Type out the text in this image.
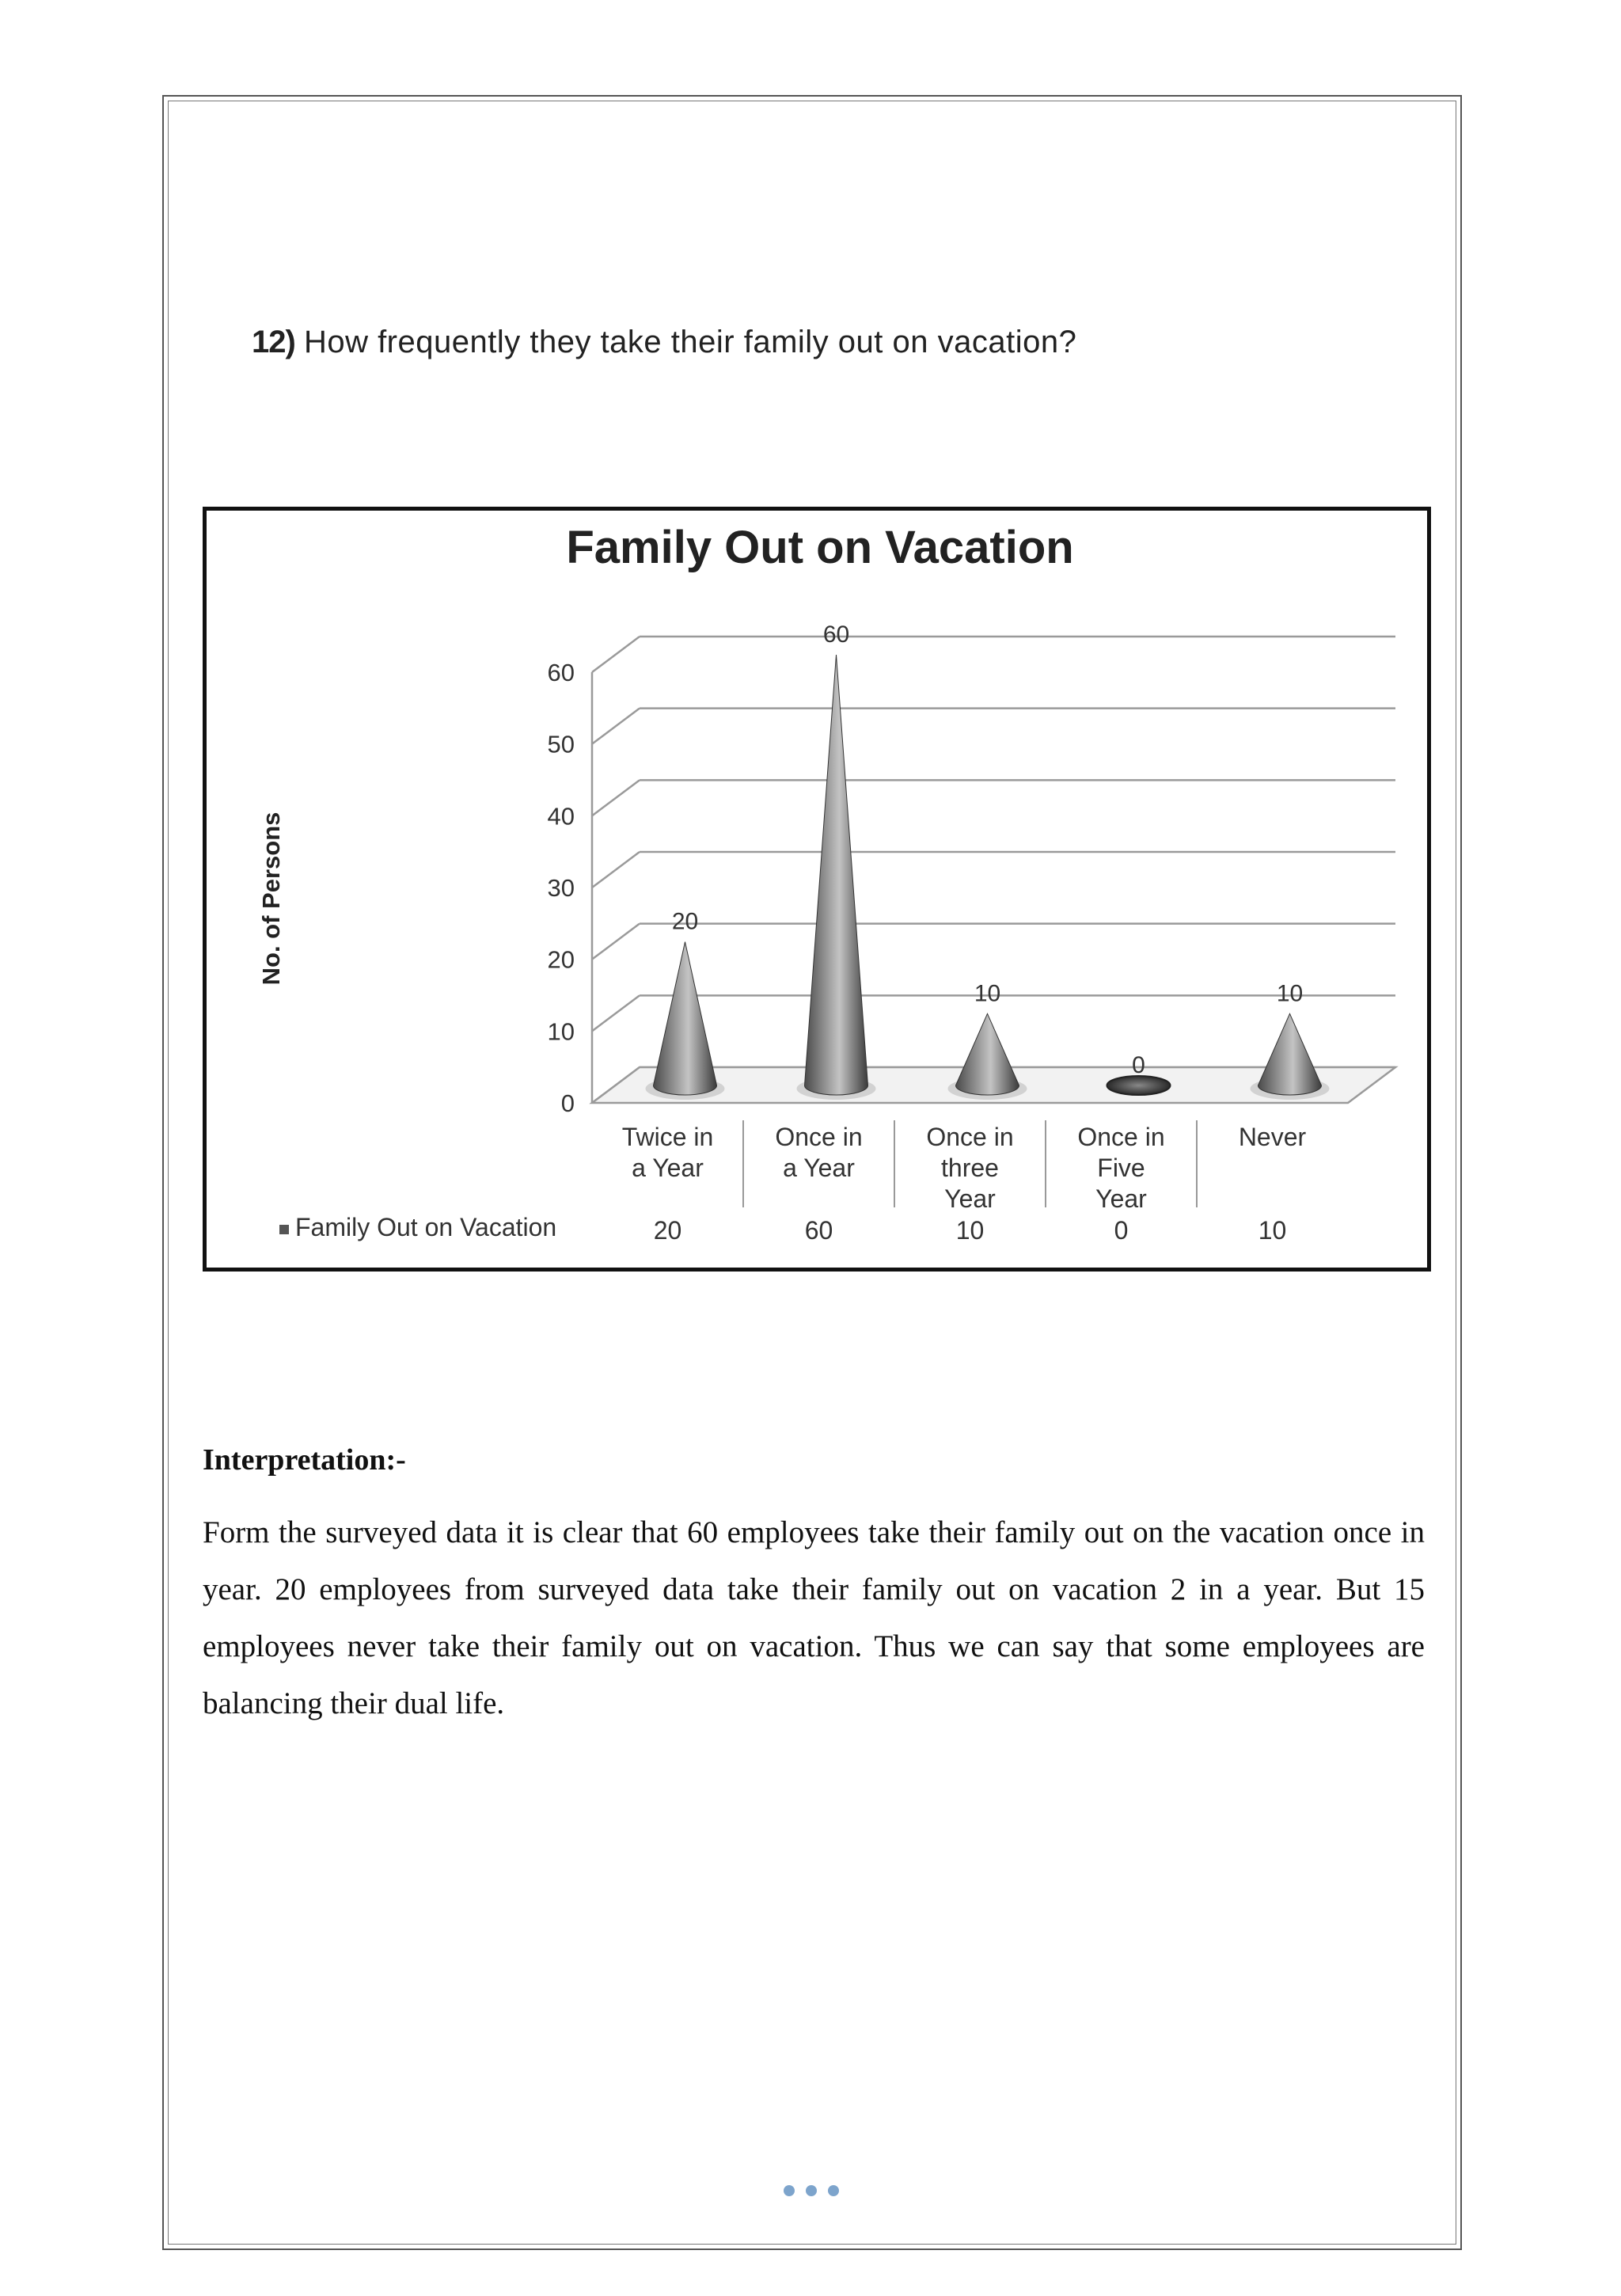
12) How frequently they take their family out on vacation?
Family Out on Vacation
No. of Persons
0
10
20
30
40
50
60
20
60
10
0
10
Twice in
a Year
20
Once in
a Year
60
Once in
three
Year
10
Once in
Five
Year
0
Never
10
Family Out on Vacation
Interpretation:-
Form the surveyed data it is clear that 60 employees take their family out on the vacation once in year. 20 employees from surveyed data take their family out on vacation 2 in a year. But 15 employees never take their family out on vacation. Thus we can say that some employees are balancing their dual life.
